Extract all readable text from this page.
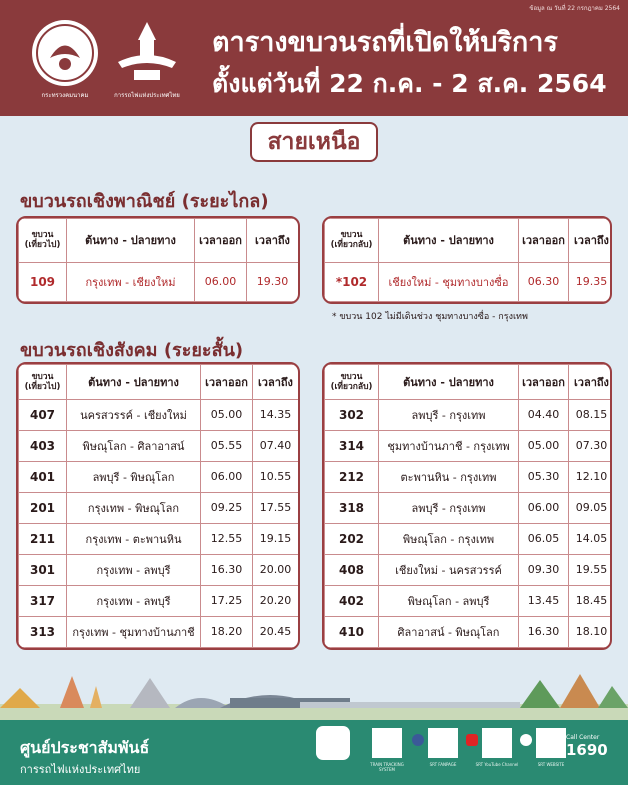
ข้อมูล ณ วันที่ 22 กรกฎาคม 2564
กระทรวงคมนาคม	การรถไฟแห่งประเทศไทย
ตารางขบวนรถที่เปิดให้บริการ
ตั้งแต่วันที่ 22 ก.ค. - 2 ส.ค. 2564
สายเหนือ
ขบวนรถเชิงพาณิชย์ (ระยะไกล)
ขบวน
(เที่ยวไป)	ต้นทาง - ปลายทาง	เวลาออก	เวลาถึง
109	กรุงเทพ - เชียงใหม่	06.00	19.30
ขบวน
(เที่ยวกลับ)	ต้นทาง - ปลายทาง	เวลาออก	เวลาถึง
*102	เชียงใหม่ - ชุมทางบางซื่อ	06.30	19.35
* ขบวน 102 ไม่มีเดินช่วง ชุมทางบางซื่อ - กรุงเทพ
ขบวนรถเชิงสังคม (ระยะสั้น)
ขบวน
(เที่ยวไป)	ต้นทาง - ปลายทาง	เวลาออก	เวลาถึง
407	นครสวรรค์ - เชียงใหม่	05.00	14.35
403	พิษณุโลก - ศิลาอาสน์	05.55	07.40
401	ลพบุรี - พิษณุโลก	06.00	10.55
201	กรุงเทพ - พิษณุโลก	09.25	17.55
211	กรุงเทพ - ตะพานหิน	12.55	19.15
301	กรุงเทพ - ลพบุรี	16.30	20.00
317	กรุงเทพ - ลพบุรี	17.25	20.20
313	กรุงเทพ - ชุมทางบ้านภาชี	18.20	20.45
ขบวน
(เที่ยวกลับ)	ต้นทาง - ปลายทาง	เวลาออก	เวลาถึง
302	ลพบุรี - กรุงเทพ	04.40	08.15
314	ชุมทางบ้านภาชี - กรุงเทพ	05.00	07.30
212	ตะพานหิน - กรุงเทพ	05.30	12.10
318	ลพบุรี - กรุงเทพ	06.00	09.05
202	พิษณุโลก - กรุงเทพ	06.05	14.05
408	เชียงใหม่ - นครสวรรค์	09.30	19.55
402	พิษณุโลก - ลพบุรี	13.45	18.45
410	ศิลาอาสน์ - พิษณุโลก	16.30	18.10
ศูนย์ประชาสัมพันธ์
การรถไฟแห่งประเทศไทย	TRAIN TRACKING SYSTEM
SRT FANPAGE	SRT YouTube Channel	SRT WEBSITE
Call Center
1690
